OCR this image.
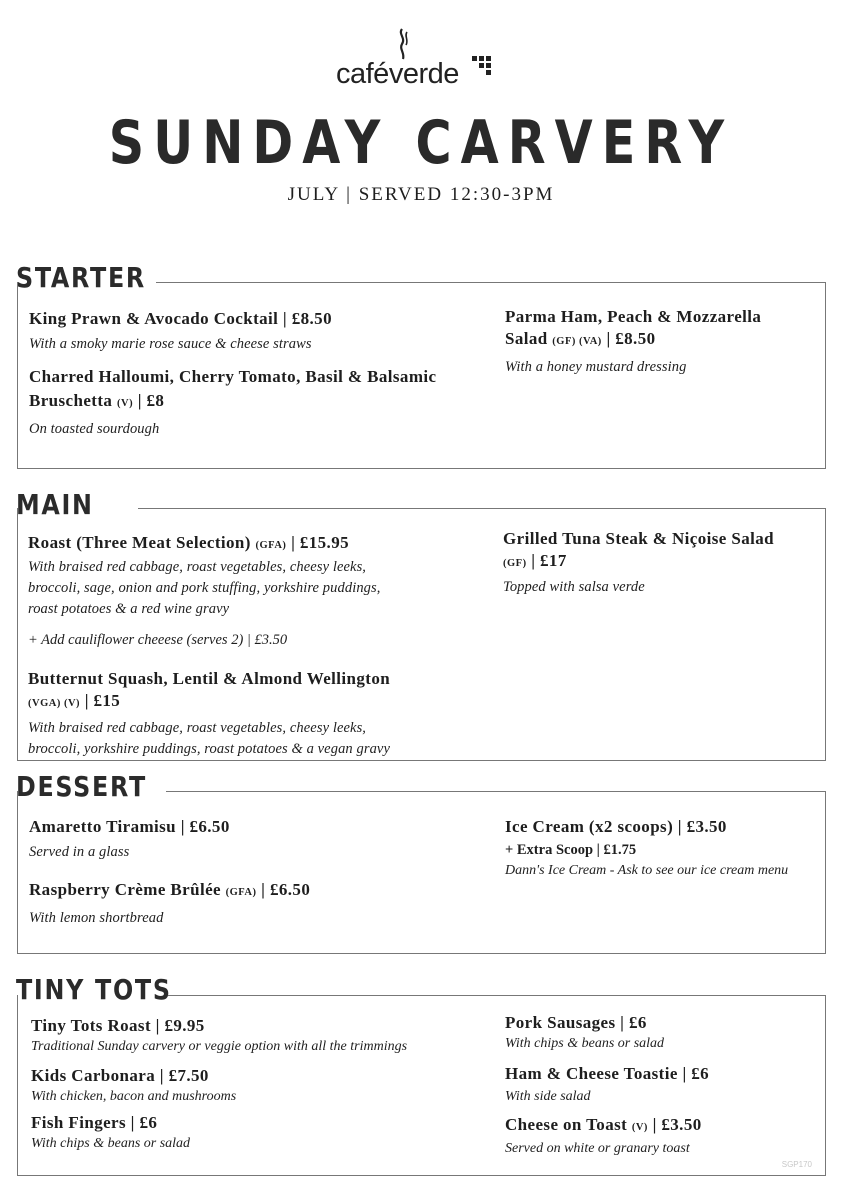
caféverde
SUNDAY CARVERY
JULY | SERVED 12:30-3PM
STARTER
King Prawn & Avocado Cocktail | £8.50
With a smoky marie rose sauce & cheese straws
Charred Halloumi, Cherry Tomato, Basil & Balsamic
Bruschetta (V) | £8
On toasted sourdough
Parma Ham, Peach & Mozzarella
Salad (GF) (VA) | £8.50
With a honey mustard dressing
MAIN
Roast (Three Meat Selection) (GFA) | £15.95
With braised red cabbage, roast vegetables, cheesy leeks,
broccoli, sage, onion and pork stuffing, yorkshire puddings,
roast potatoes & a red wine gravy
+ Add cauliflower cheeese (serves 2) | £3.50
Butternut Squash, Lentil & Almond Wellington
(VGA) (V) | £15
With braised red cabbage, roast vegetables, cheesy leeks,
broccoli, yorkshire puddings, roast potatoes & a vegan gravy
Grilled Tuna Steak & Niçoise Salad
(GF) | £17
Topped with salsa verde
DESSERT
Amaretto Tiramisu | £6.50
Served in a glass
Raspberry Crème Brûlée (GFA) | £6.50
With lemon shortbread
Ice Cream (x2 scoops) | £3.50
+ Extra Scoop | £1.75
Dann's Ice Cream - Ask to see our ice cream menu
TINY TOTS
Tiny Tots Roast | £9.95
Traditional Sunday carvery or veggie option with all the trimmings
Kids Carbonara | £7.50
With chicken, bacon and mushrooms
Fish Fingers | £6
With chips & beans or salad
Pork Sausages | £6
With chips & beans or salad
Ham & Cheese Toastie | £6
With side salad
Cheese on Toast (V) | £3.50
Served on white or granary toast
SGP170
